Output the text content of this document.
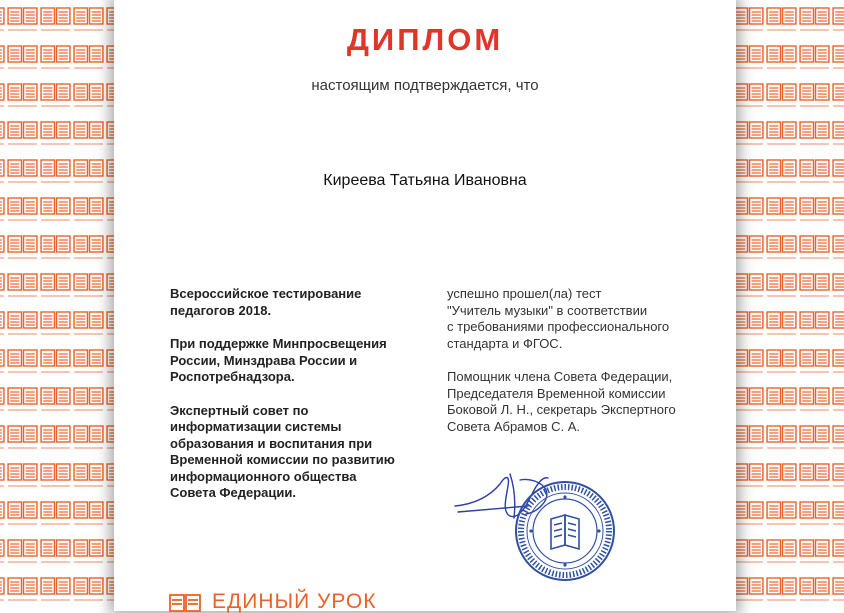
ДИПЛОМ
настоящим подтверждается, что
Киреева Татьяна Ивановна

Всероссийское тестирование
педагогов 2018.

При поддержке Минпросвещения
России, Минздрава России и
Роспотребнадзора.

Экспертный совет по
информатизации системы
образования и воспитания при
Временной комиссии по развитию
информационного общества
Совета Федерации.

успешно прошел(ла) тест
"Учитель музыки" в соответствии
с требованиями профессионального
стандарта и ФГОС.

Помощник члена Совета Федерации,
Председателя Временной комиссии
Боковой Л. Н., секретарь Экспертного
Совета Абрамов С. А.

ЕДИНЫЙ УРОК
